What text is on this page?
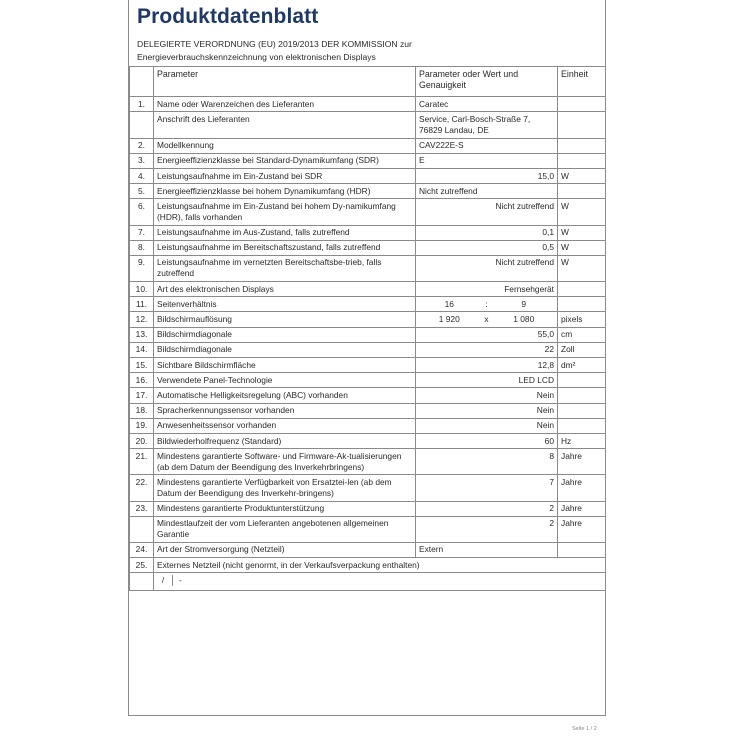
Produktdatenblatt
DELEGIERTE VERORDNUNG (EU) 2019/2013 DER KOMMISSION zur
Energieverbrauchskennzeichnung von elektronischen Displays
	Parameter	Parameter oder Wert und Genauigkeit	Einheit
1.	Name oder Warenzeichen des Lieferanten	Caratec	
	Anschrift des Lieferanten	Service, Carl-Bosch-Straße 7, 76829 Landau, DE	
2.	Modellkennung	CAV222E-S	
3.	Energieeffizienzklasse bei Standard-Dynamikumfang (SDR)	E	
4.	Leistungsaufnahme im Ein-Zustand bei SDR	15,0	W
5.	Energieeffizienzklasse bei hohem Dynamikumfang (HDR)	Nicht zutreffend	
6.	Leistungsaufnahme im Ein-Zustand bei hohem Dy-namikumfang (HDR), falls vorhanden	Nicht zutreffend	W
7.	Leistungsaufnahme im Aus-Zustand, falls zutreffend	0,1	W
8.	Leistungsaufnahme im Bereitschaftszustand, falls zutreffend	0,5	W
9.	Leistungsaufnahme im vernetzten Bereitschaftsbe-trieb, falls zutreffend	Nicht zutreffend	W
10.	Art des elektronischen Displays	Fernsehgerät	
11.	Seitenverhältnis	16 : 9	

12.	Bildschirmauflösung	1 920 x 1 080	pixels
13.	Bildschirmdiagonale	55,0	cm
14.	Bildschirmdiagonale	22	Zoll
15.	Sichtbare Bildschirmfläche	12,8	dm²
16.	Verwendete Panel-Technologie	LED LCD	
17.	Automatische Helligkeitsregelung (ABC) vorhanden	Nein	
18.	Spracherkennungssensor vorhanden	Nein	
19.	Anwesenheitssensor vorhanden	Nein	
20.	Bildwiederholfrequenz (Standard)	60	Hz
21.	Mindestens garantierte Software- und Firmware-Ak-tualisierungen (ab dem Datum der Beendigung des Inverkehrbringens)	8	Jahre
22.	Mindestens garantierte Verfügbarkeit von Ersatztei-len (ab dem Datum der Beendigung des Inverkehr-bringens)	7	Jahre
23.	Mindestens garantierte Produktunterstützung	2	Jahre
	Mindestlaufzeit der vom Lieferanten angebotenen allgemeinen Garantie	2	Jahre
24.	Art der Stromversorgung (Netzteil)	Extern	
25.	Externes Netzteil (nicht genormt, in der Verkaufsverpackung enthalten)		

	/ -		
Seite 1 / 2
